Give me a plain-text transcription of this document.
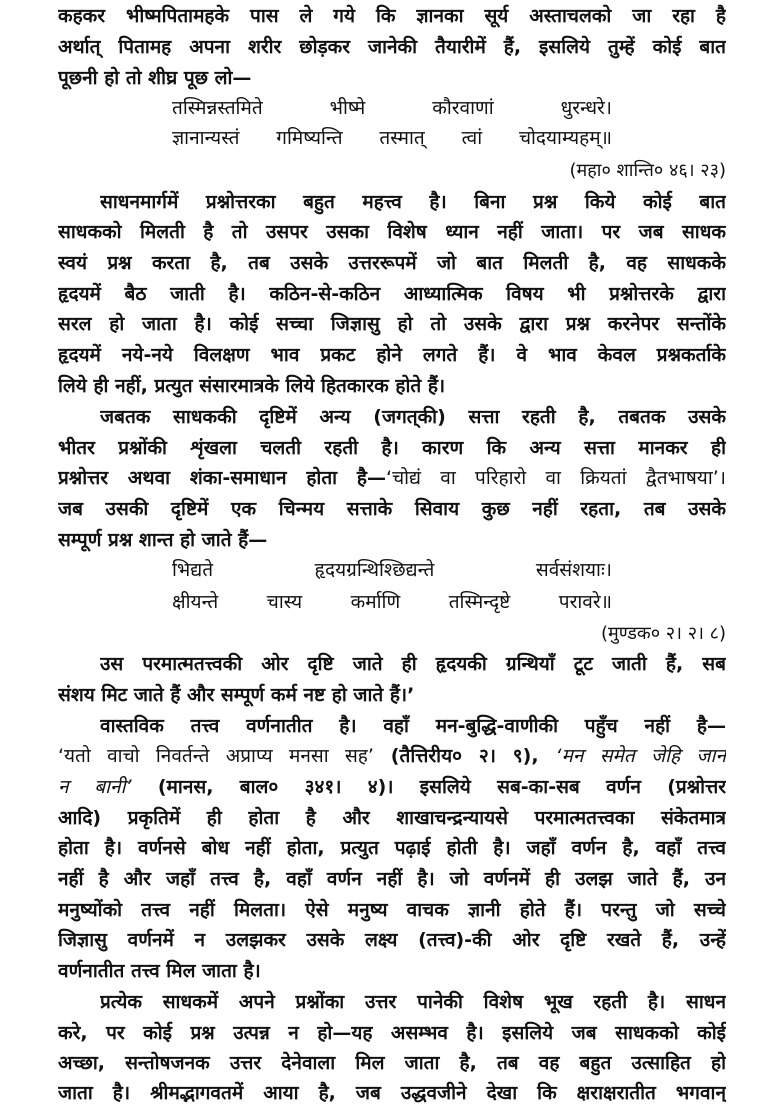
कहकर भीष्मपितामहके पास ले गये कि ज्ञानका सूर्य अस्ताचलको जा रहा है
अर्थात् पितामह अपना शरीर छोड़कर जानेकी तैयारीमें हैं, इसलिये तुम्हें कोई बात
पूछनी हो तो शीघ्र पूछ लो—
तस्मिन्नस्तमिते भीष्मे कौरवाणां धुरन्धरे।
ज्ञानान्यस्तं गमिष्यन्ति तस्मात् त्वां चोदयाम्यहम्॥
(महा० शान्ति० ४६। २३)
साधनमार्गमें प्रश्नोत्तरका बहुत महत्त्व है। बिना प्रश्न किये कोई बात
साधकको मिलती है तो उसपर उसका विशेष ध्यान नहीं जाता। पर जब साधक
स्वयं प्रश्न करता है, तब उसके उत्तररूपमें जो बात मिलती है, वह साधकके
हृदयमें बैठ जाती है। कठिन-से-कठिन आध्यात्मिक विषय भी प्रश्नोत्तरके द्वारा
सरल हो जाता है। कोई सच्चा जिज्ञासु हो तो उसके द्वारा प्रश्न करनेपर सन्तोंके
हृदयमें नये-नये विलक्षण भाव प्रकट होने लगते हैं। वे भाव केवल प्रश्नकर्ताके
लिये ही नहीं, प्रत्युत संसारमात्रके लिये हितकारक होते हैं।
जबतक साधककी दृष्टिमें अन्य (जगत्‌की) सत्ता रहती है, तबतक उसके
भीतर प्रश्नोंकी शृंखला चलती रहती है। कारण कि अन्य सत्ता मानकर ही
प्रश्नोत्तर अथवा शंका-समाधान होता है—‘चोद्यं वा परिहारो वा क्रियतां द्वैतभाषया’।
जब उसकी दृष्टिमें एक चिन्मय सत्ताके सिवाय कुछ नहीं रहता, तब उसके
सम्पूर्ण प्रश्न शान्त हो जाते हैं—
भिद्यते हृदयग्रन्थिश्छिद्यन्ते सर्वसंशयाः।
क्षीयन्ते चास्य कर्माणि तस्मिन्दृष्टे परावरे॥
(मुण्डक० २। २। ८)
उस परमात्मतत्त्वकी ओर दृष्टि जाते ही हृदयकी ग्रन्थियाँ टूट जाती हैं, सब
संशय मिट जाते हैं और सम्पूर्ण कर्म नष्ट हो जाते हैं।’
वास्तविक तत्त्व वर्णनातीत है। वहाँ मन-बुद्धि-वाणीकी पहुँच नहीं है—
‘यतो वाचो निवर्तन्ते अप्राप्य मनसा सह’ (तैत्तिरीय० २। ९), ‘मन समेत जेहि जान
न बानी’ (मानस, बाल० ३४१। ४)। इसलिये सब-का-सब वर्णन (प्रश्नोत्तर
आदि) प्रकृतिमें ही होता है और शाखाचन्द्रन्यायसे परमात्मतत्त्वका संकेतमात्र
होता है। वर्णनसे बोध नहीं होता, प्रत्युत पढ़ाई होती है। जहाँ वर्णन है, वहाँ तत्त्व
नहीं है और जहाँ तत्त्व है, वहाँ वर्णन नहीं है। जो वर्णनमें ही उलझ जाते हैं, उन
मनुष्योंको तत्त्व नहीं मिलता। ऐसे मनुष्य वाचक ज्ञानी होते हैं। परन्तु जो सच्चे
जिज्ञासु वर्णनमें न उलझकर उसके लक्ष्य (तत्त्व)-की ओर दृष्टि रखते हैं, उन्हें
वर्णनातीत तत्त्व मिल जाता है।
प्रत्येक साधकमें अपने प्रश्नोंका उत्तर पानेकी विशेष भूख रहती है। साधन
करे, पर कोई प्रश्न उत्पन्न न हो—यह असम्भव है। इसलिये जब साधकको कोई
अच्छा, सन्तोषजनक उत्तर देनेवाला मिल जाता है, तब वह बहुत उत्साहित हो
जाता है। श्रीमद्भागवतमें आया है, जब उद्धवजीने देखा कि क्षराक्षरातीत भगवान्
